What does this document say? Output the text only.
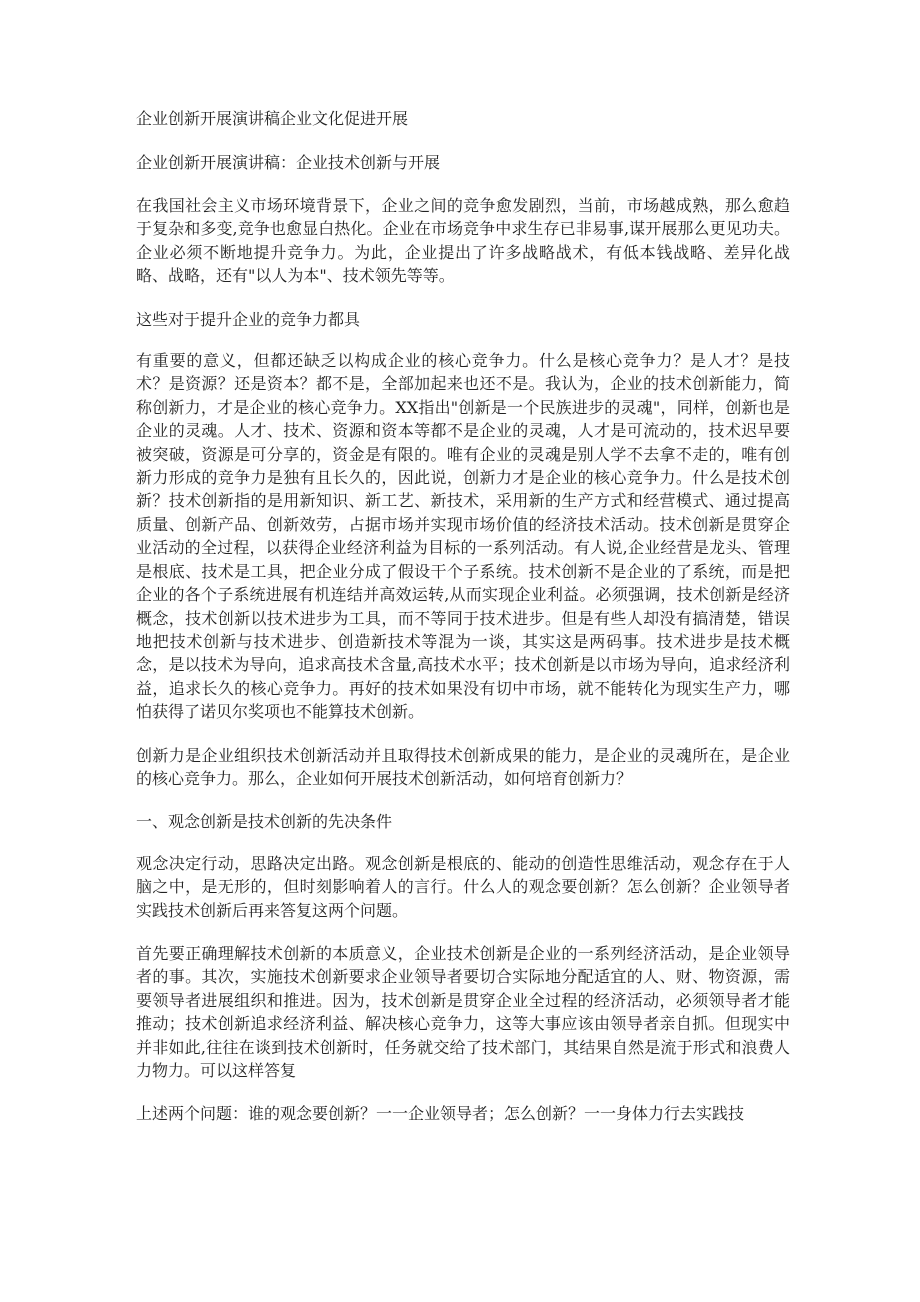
企业创新开展演讲稿企业文化促进开展

企业创新开展演讲稿：企业技术创新与开展

在我国社会主义市场环境背景下，企业之间的竞争愈发剧烈，当前，市场越成熟，那么愈趋于复杂和多变,竞争也愈显白热化。企业在市场竞争中求生存已非易事,谋开展那么更见功夫。企业必须不断地提升竞争力。为此，企业提出了许多战略战术，有低本钱战略、差异化战略、战略，还有"以人为本"、技术领先等等。

这些对于提升企业的竞争力都具

有重要的意义，但都还缺乏以构成企业的核心竞争力。什么是核心竞争力？是人才？是技术？是资源？还是资本？都不是，全部加起来也还不是。我认为，企业的技术创新能力，简称创新力，才是企业的核心竞争力。XX指出"创新是一个民族进步的灵魂"，同样，创新也是企业的灵魂。人才、技术、资源和资本等都不是企业的灵魂，人才是可流动的，技术迟早要被突破，资源是可分享的，资金是有限的。唯有企业的灵魂是别人学不去拿不走的，唯有创新力形成的竞争力是独有且长久的，因此说，创新力才是企业的核心竞争力。什么是技术创新？技术创新指的是用新知识、新工艺、新技术，采用新的生产方式和经营模式、通过提高质量、创新产品、创新效劳，占据市场并实现市场价值的经济技术活动。技术创新是贯穿企业活动的全过程，以获得企业经济利益为目标的一系列活动。有人说,企业经营是龙头、管理是根底、技术是工具，把企业分成了假设干个子系统。技术创新不是企业的了系统，而是把企业的各个子系统进展有机连结并高效运转,从而实现企业利益。必须强调，技术创新是经济概念，技术创新以技术进步为工具，而不等同于技术进步。但是有些人却没有搞清楚，错误地把技术创新与技术进步、创造新技术等混为一谈，其实这是两码事。技术进步是技术概念，是以技术为导向，追求高技术含量,高技术水平；技术创新是以市场为导向，追求经济利益，追求长久的核心竞争力。再好的技术如果没有切中市场，就不能转化为现实生产力，哪怕获得了诺贝尔奖项也不能算技术创新。

创新力是企业组织技术创新活动并且取得技术创新成果的能力，是企业的灵魂所在，是企业的核心竞争力。那么，企业如何开展技术创新活动，如何培育创新力？

一、观念创新是技术创新的先决条件

观念决定行动，思路决定出路。观念创新是根底的、能动的创造性思维活动，观念存在于人脑之中，是无形的，但时刻影响着人的言行。什么人的观念要创新？怎么创新？企业领导者实践技术创新后再来答复这两个问题。

首先要正确理解技术创新的本质意义，企业技术创新是企业的一系列经济活动，是企业领导者的事。其次，实施技术创新要求企业领导者要切合实际地分配适宜的人、财、物资源，需要领导者进展组织和推进。因为，技术创新是贯穿企业全过程的经济活动，必须领导者才能推动；技术创新追求经济利益、解决核心竞争力，这等大事应该由领导者亲自抓。但现实中并非如此,往往在谈到技术创新时，任务就交给了技术部门，其结果自然是流于形式和浪费人力物力。可以这样答复

上述两个问题：谁的观念要创新？一一企业领导者；怎么创新？一一身体力行去实践技
